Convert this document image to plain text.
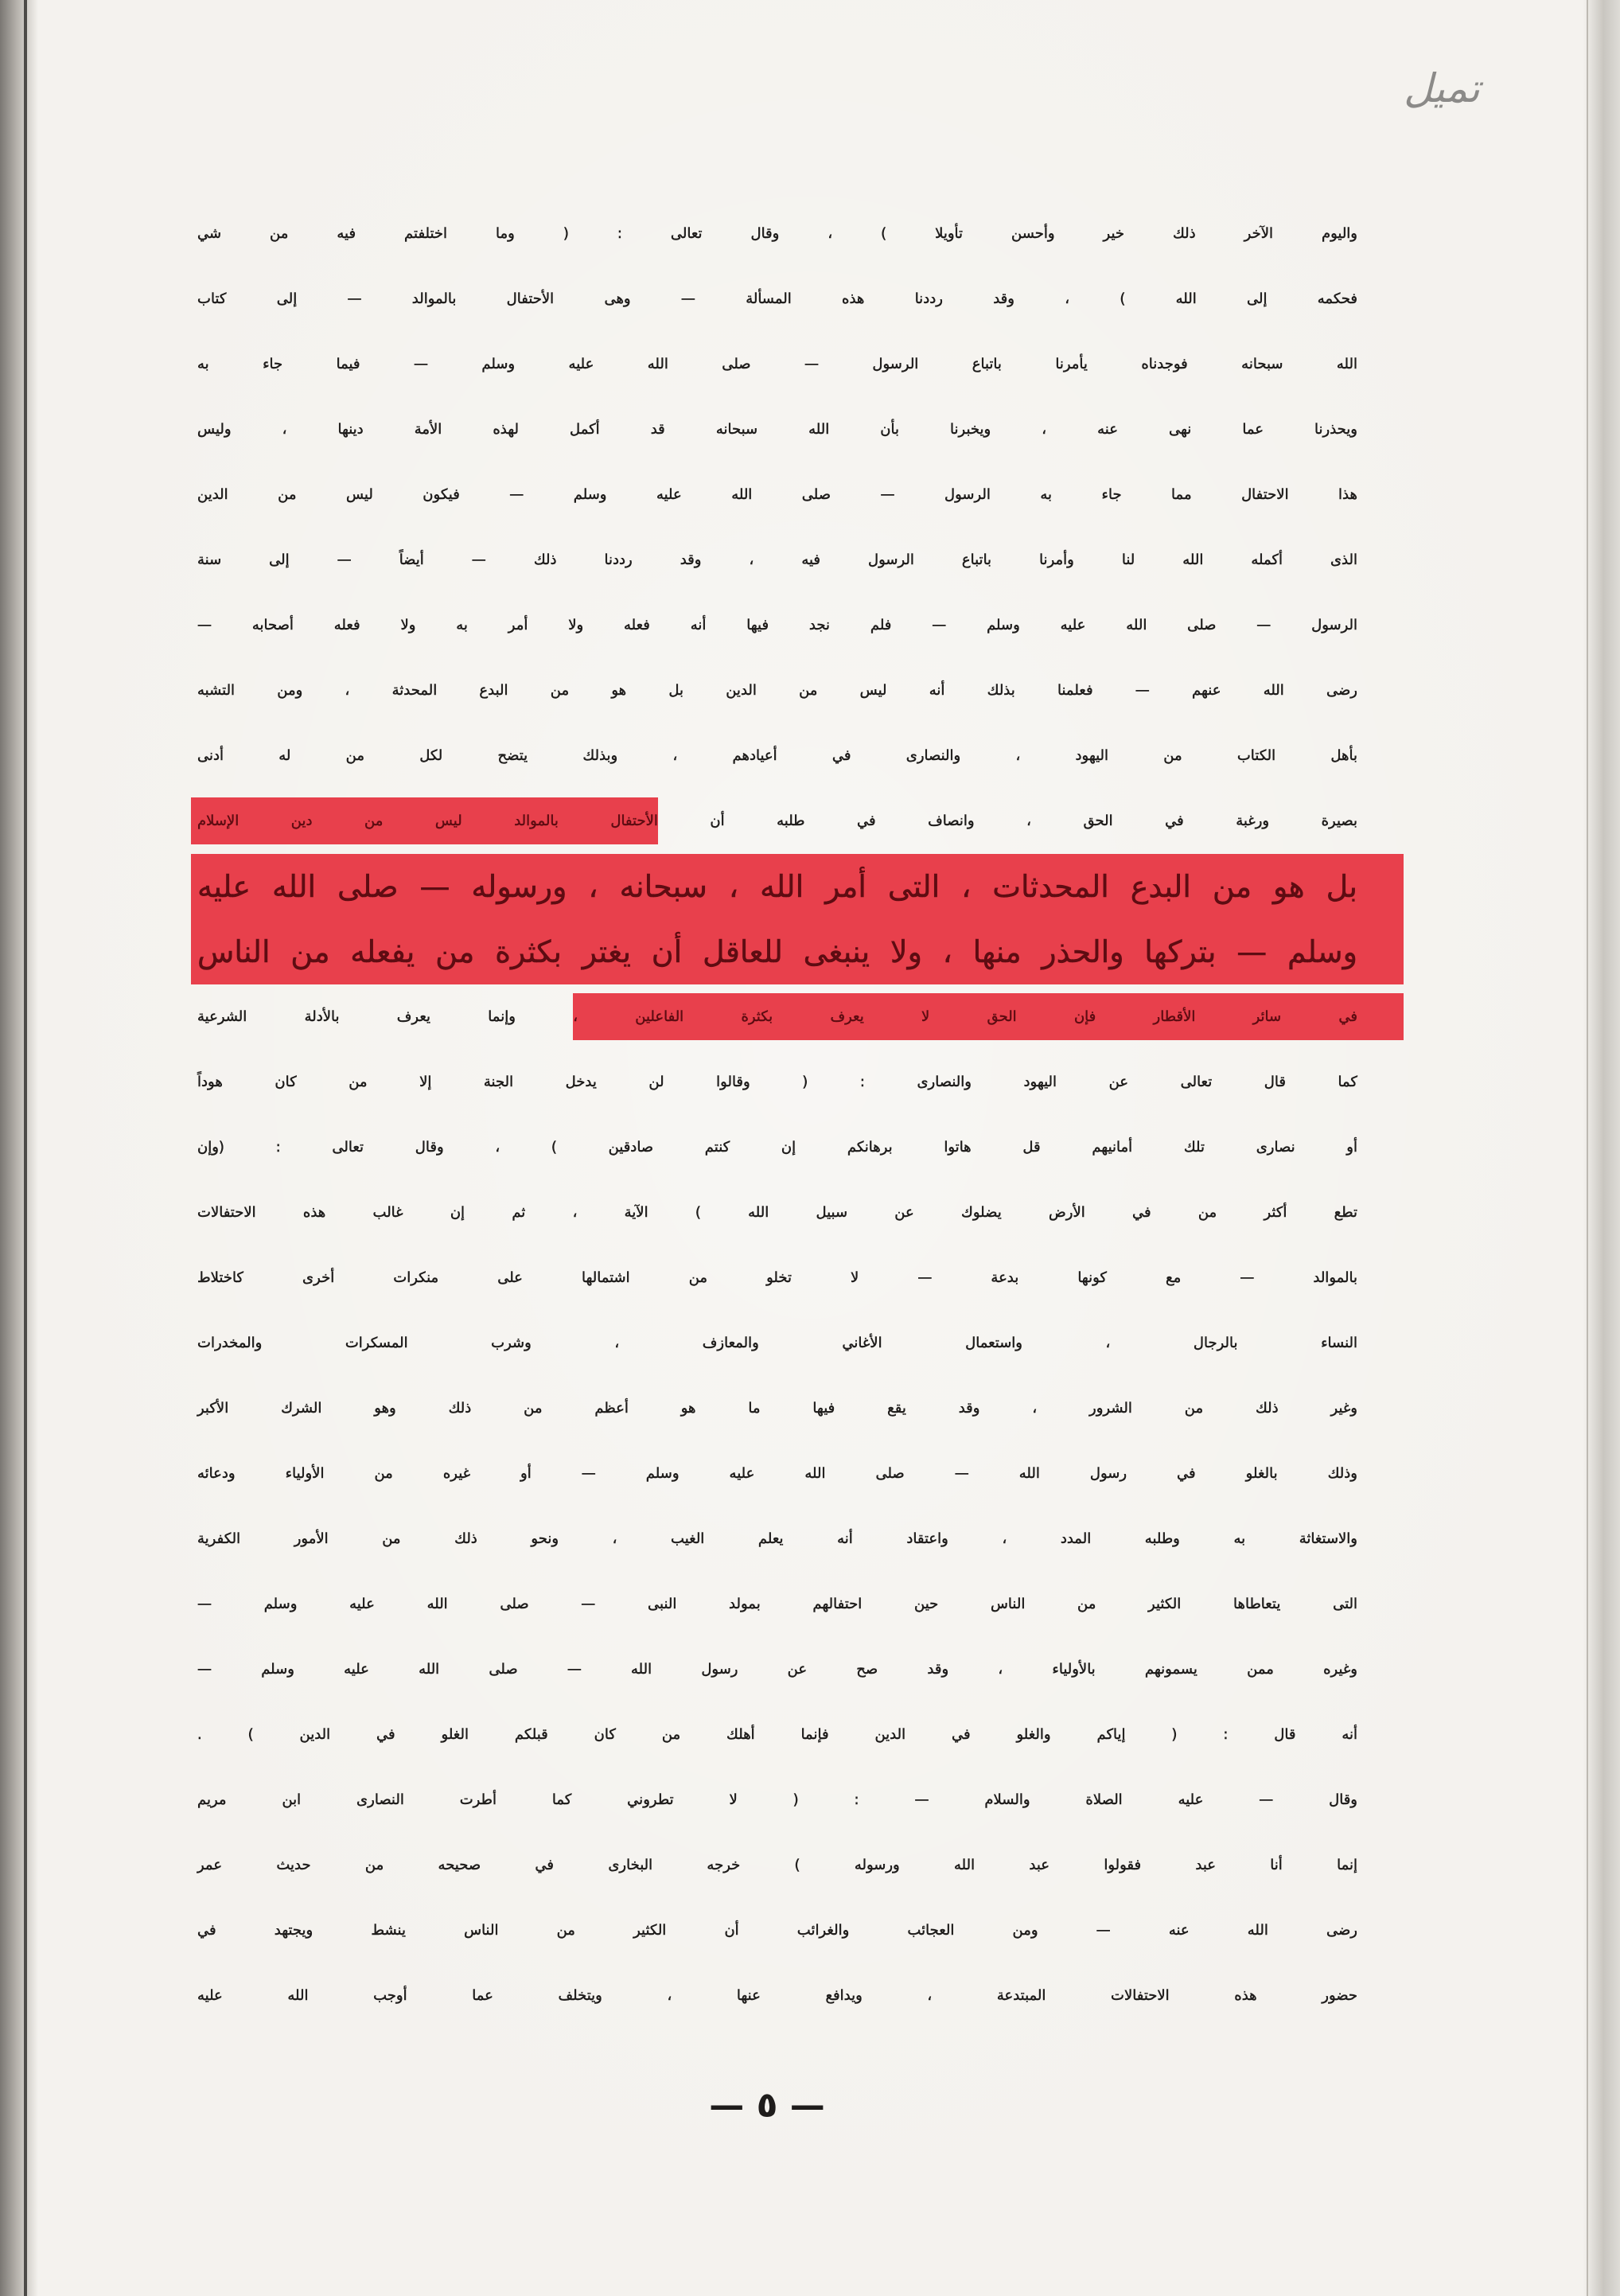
تميل
واليوم الآخر ذلك خير وأحسن تأويلا ) ، وقال تعالى : ( وما اختلفتم فيه من شي
فحكمه إلى الله ) ، وقد رددنا هذه المسألة — وهى الأحتفال بالموالد — إلى كتاب
الله سبحانه فوجدناه يأمرنا باتباع الرسول — صلى الله عليه وسلم — فيما جاء به
ويحذرنا عما نهى عنه ، ويخبرنا بأن الله سبحانه قد أكمل لهذه الأمة دينها ، وليس
هذا الاحتفال مما جاء به الرسول — صلى الله عليه وسلم — فيكون ليس من الدين
الذى أكمله الله لنا وأمرنا باتباع الرسول فيه ، وقد رددنا ذلك — أيضاً — إلى سنة
الرسول — صلى الله عليه وسلم — فلم نجد فيها أنه فعله ولا أمر به ولا فعله أصحابه —
رضى الله عنهم — فعلمنا بذلك أنه ليس من الدين بل هو من البدع المحدثة ، ومن التشبه
بأهل الكتاب من اليهود ، والنصارى في أعيادهم ، وبذلك يتضح لكل من له أدنى
بصيرة ورغبة في الحق ، وانصاف في طلبه أن الأحتفال بالموالد ليس من دين الإسلام
بل هو من البدع المحدثات ، التى أمر الله ، سبحانه ، ورسوله — صلى الله عليه
وسلم — بتركها والحذر منها ، ولا ينبغى للعاقل أن يغتر بكثرة من يفعله من الناس
في سائر الأقطار فإن الحق لا يعرف بكثرة الفاعلين ، وإنما يعرف بالأدلة الشرعية
كما قال تعالى عن اليهود والنصارى : ( وقالوا لن يدخل الجنة إلا من كان هوداً
أو نصارى تلك أمانيهم قل هاتوا برهانكم إن كنتم صادقين ) ، وقال تعالى : (وإن
تطع أكثر من في الأرض يضلوك عن سبيل الله ) الآية ، ثم إن غالب هذه الاحتفالات
بالموالد — مع كونها بدعة — لا تخلو من اشتمالها على منكرات أخرى كاختلاط
النساء بالرجال ، واستعمال الأغاني والمعازف ، وشرب المسكرات والمخدرات
وغير ذلك من الشرور ، وقد يقع فيها ما هو أعظم من ذلك وهو الشرك الأكبر
وذلك بالغلو في رسول الله — صلى الله عليه وسلم — أو غيره من الأولياء ودعائه
والاستغاثة به وطلبه المدد ، واعتقاد أنه يعلم الغيب ، ونحو ذلك من الأمور الكفرية
التى يتعاطاها الكثير من الناس حين احتفالهم بمولد النبى — صلى الله عليه وسلم —
وغيره ممن يسمونهم بالأولياء ، وقد صح عن رسول الله — صلى الله عليه وسلم —
أنه قال : ( إياكم والغلو في الدين فإنما أهلك من كان قبلكم الغلو في الدين ) .
وقال — عليه الصلاة والسلام — : ( لا تطروني كما أطرت النصارى ابن مريم
إنما أنا عبد فقولوا عبد الله ورسوله ) خرجه البخارى في صحيحه من حديث عمر
رضى الله عنه — ومن العجائب والغرائب أن الكثير من الناس ينشط ويجتهد في
حضور هذه الاحتفالات المبتدعة ، ويدافع عنها ، ويتخلف عما أوجب الله عليه
— ٥ —
